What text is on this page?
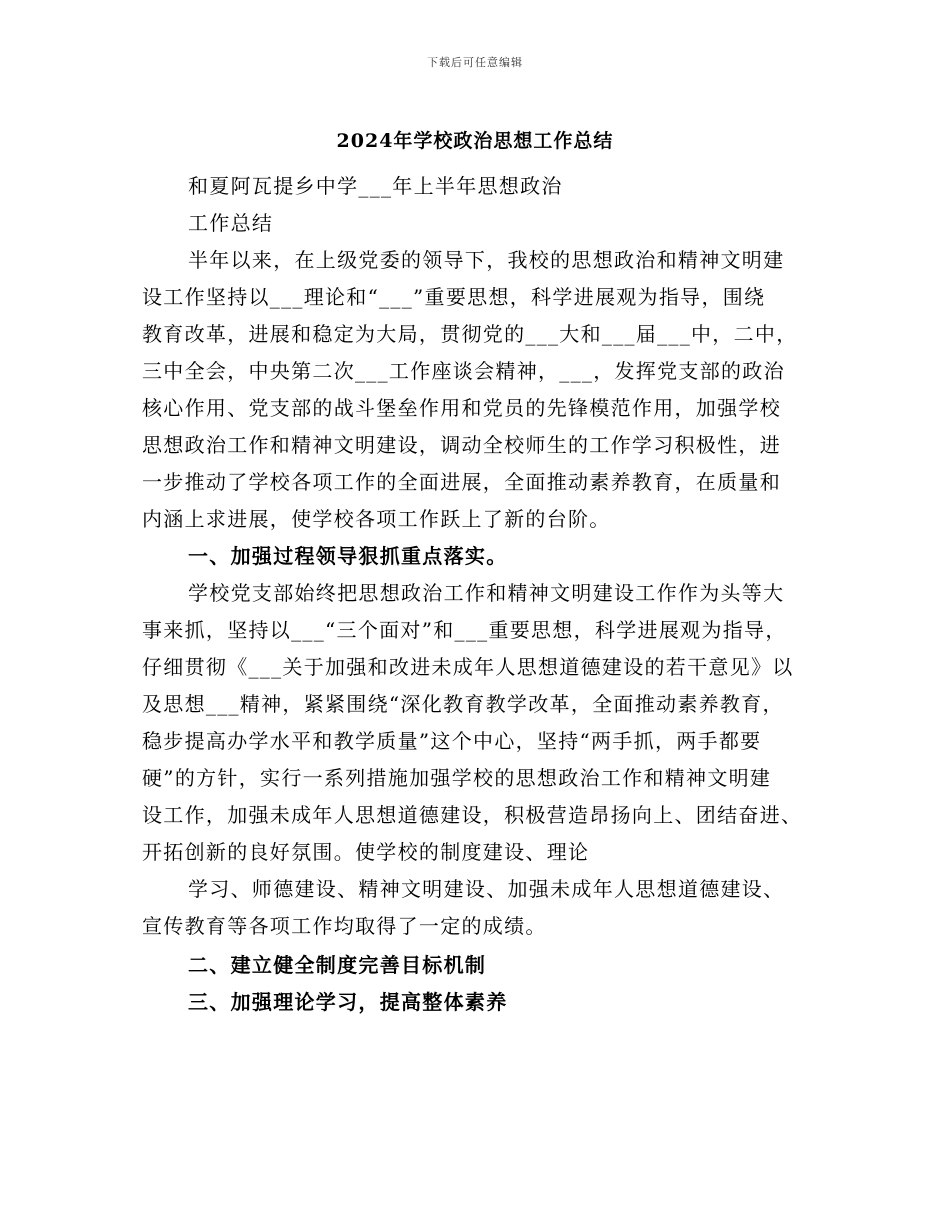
下载后可任意编辑
2024年学校政治思想工作总结
和夏阿瓦提乡中学___年上半年思想政治
工作总结
半年以来，在上级党委的领导下，我校的思想政治和精神文明建
设工作坚持以___理论和“___”重要思想，科学进展观为指导，围绕
教育改革，进展和稳定为大局，贯彻党的___大和___届___中，二中，
三中全会，中央第二次___工作座谈会精神，___，发挥党支部的政治
核心作用、党支部的战斗堡垒作用和党员的先锋模范作用，加强学校
思想政治工作和精神文明建设，调动全校师生的工作学习积极性，进
一步推动了学校各项工作的全面进展，全面推动素养教育，在质量和
内涵上求进展，使学校各项工作跃上了新的台阶。
一、加强过程领导狠抓重点落实。
学校党支部始终把思想政治工作和精神文明建设工作作为头等大
事来抓，坚持以___“三个面对”和___重要思想，科学进展观为指导，
仔细贯彻《___关于加强和改进未成年人思想道德建设的若干意见》以
及思想___精神，紧紧围绕“深化教育教学改革，全面推动素养教育，
稳步提高办学水平和教学质量”这个中心，坚持“两手抓，两手都要
硬”的方针，实行一系列措施加强学校的思想政治工作和精神文明建
设工作，加强未成年人思想道德建设，积极营造昂扬向上、团结奋进、
开拓创新的良好氛围。使学校的制度建设、理论
学习、师德建设、精神文明建设、加强未成年人思想道德建设、
宣传教育等各项工作均取得了一定的成绩。
二、建立健全制度完善目标机制
三、加强理论学习，提高整体素养
